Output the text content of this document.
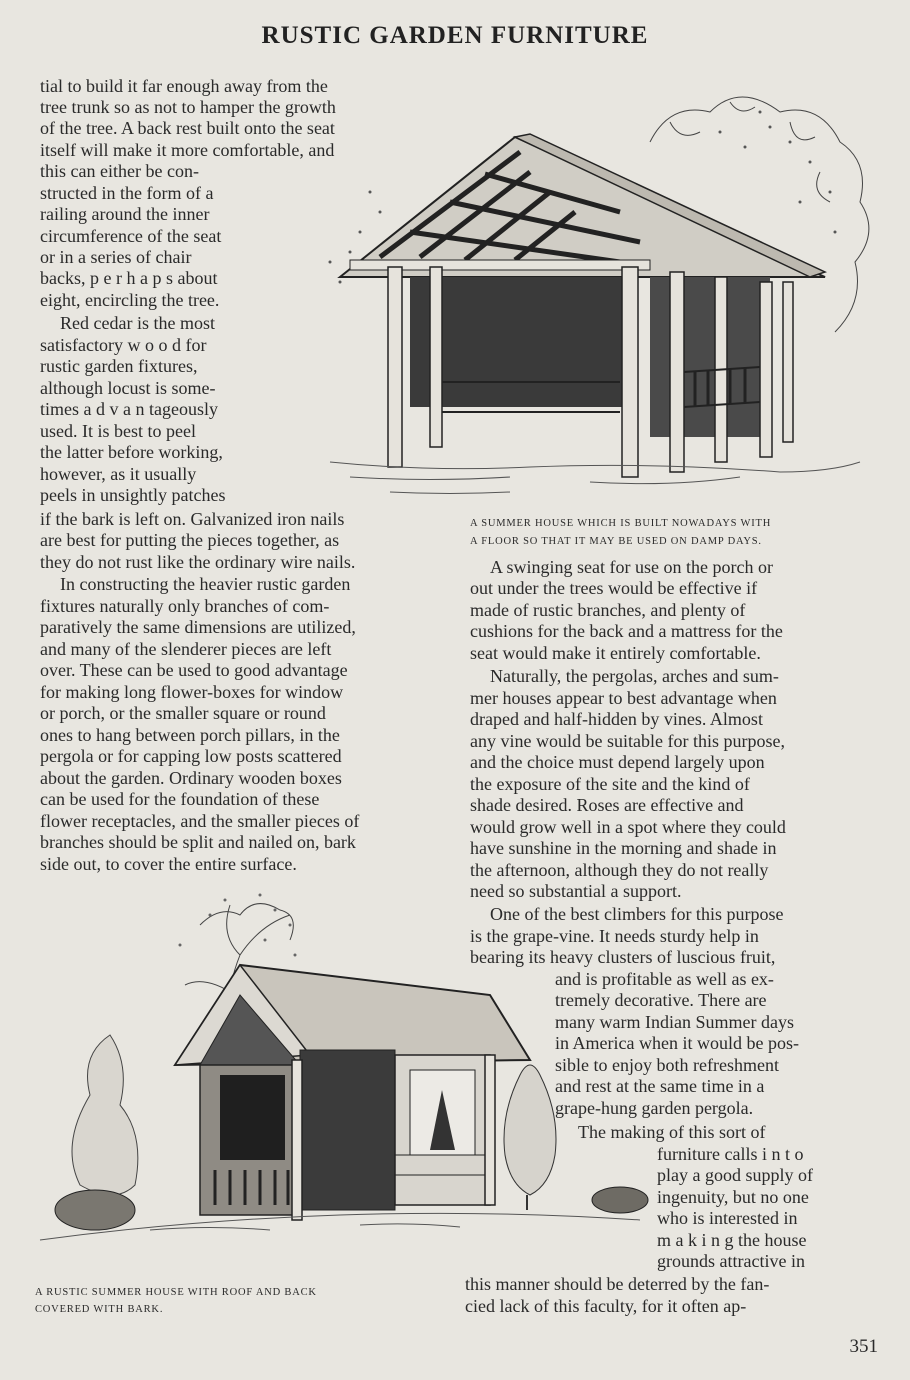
RUSTIC GARDEN FURNITURE
tial to build it far enough away from the
tree trunk so as not to hamper the growth
of the tree. A back rest built onto the seat
itself will make it more comfortable, and
this can either be con-
structed in the form of a
railing around the inner
circumference of the seat
or in a series of chair
backs, p e r h a p s about
eight, encircling the tree.
Red cedar is the most
satisfactory w o o d for
rustic garden fixtures,
although locust is some-
times a d v a n tageously
used. It is best to peel
the latter before working,
however, as it usually
peels in unsightly patches
if the bark is left on. Galvanized iron nails
are best for putting the pieces together, as
they do not rust like the ordinary wire nails.
In constructing the heavier rustic garden
fixtures naturally only branches of com-
paratively the same dimensions are utilized,
and many of the slenderer pieces are left
over. These can be used to good advantage
for making long flower-boxes for window
or porch, or the smaller square or round
ones to hang between porch pillars, in the
pergola or for capping low posts scattered
about the garden. Ordinary wooden boxes
can be used for the foundation of these
flower receptacles, and the smaller pieces of
branches should be split and nailed on, bark
side out, to cover the entire surface.
A SUMMER HOUSE WHICH IS BUILT NOWADAYS WITH
A FLOOR SO THAT IT MAY BE USED ON DAMP DAYS.
A swinging seat for use on the porch or
out under the trees would be effective if
made of rustic branches, and plenty of
cushions for the back and a mattress for the
seat would make it entirely comfortable.
Naturally, the pergolas, arches and sum-
mer houses appear to best advantage when
draped and half-hidden by vines. Almost
any vine would be suitable for this purpose,
and the choice must depend largely upon
the exposure of the site and the kind of
shade desired. Roses are effective and
would grow well in a spot where they could
have sunshine in the morning and shade in
the afternoon, although they do not really
need so substantial a support.
One of the best climbers for this purpose
is the grape-vine. It needs sturdy help in
bearing its heavy clusters of luscious fruit,
and is profitable as well as ex-
tremely decorative. There are
many warm Indian Summer days
in America when it would be pos-
sible to enjoy both refreshment
and rest at the same time in a
grape-hung garden pergola.
The making of this sort of
furniture calls i n t o
play a good supply of
ingenuity, but no one
who is interested in
m a k i n g the house
grounds attractive in
this manner should be deterred by the fan-
cied lack of this faculty, for it often ap-
A RUSTIC SUMMER HOUSE WITH ROOF AND BACK
COVERED WITH BARK.
351
